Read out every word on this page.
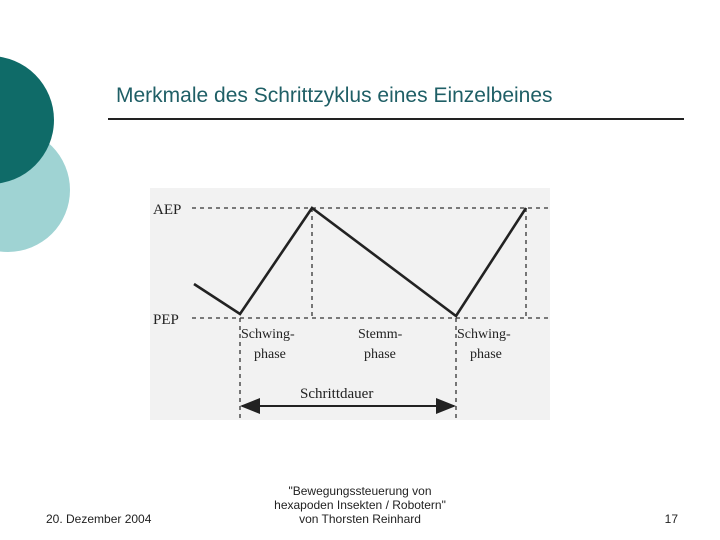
Merkmale des Schrittzyklus eines Einzelbeines
AEP
PEP
Schwing-
phase
Stemm-
phase
Schwing-
phase
Schrittdauer
20. Dezember 2004
"Bewegungssteuerung von
hexapoden Insekten / Robotern"
von Thorsten Reinhard	17
